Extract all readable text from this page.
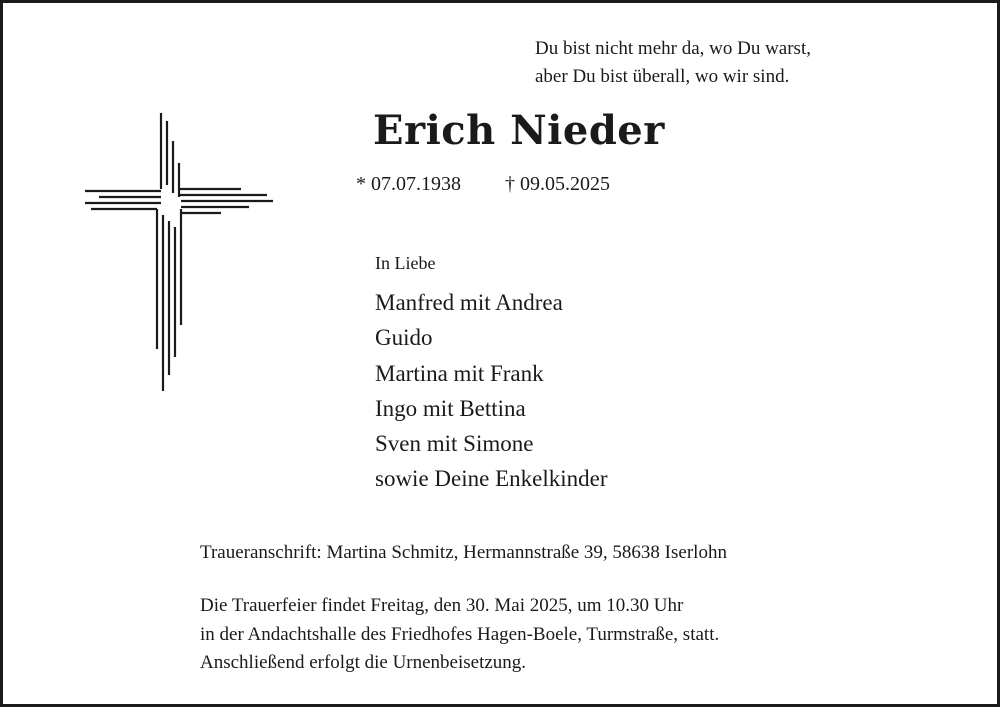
Du bist nicht mehr da, wo Du warst,
aber Du bist überall, wo wir sind.
Erich Nieder
* 07.07.1938 † 09.05.2025
In Liebe
Manfred mit Andrea
Guido
Martina mit Frank
Ingo mit Bettina
Sven mit Simone
sowie Deine Enkelkinder
Traueranschrift: Martina Schmitz, Hermannstraße 39, 58638 Iserlohn
Die Trauerfeier findet Freitag, den 30. Mai 2025, um 10.30 Uhr
in der Andachtshalle des Friedhofes Hagen-Boele, Turmstraße, statt.
Anschließend erfolgt die Urnenbeisetzung.
